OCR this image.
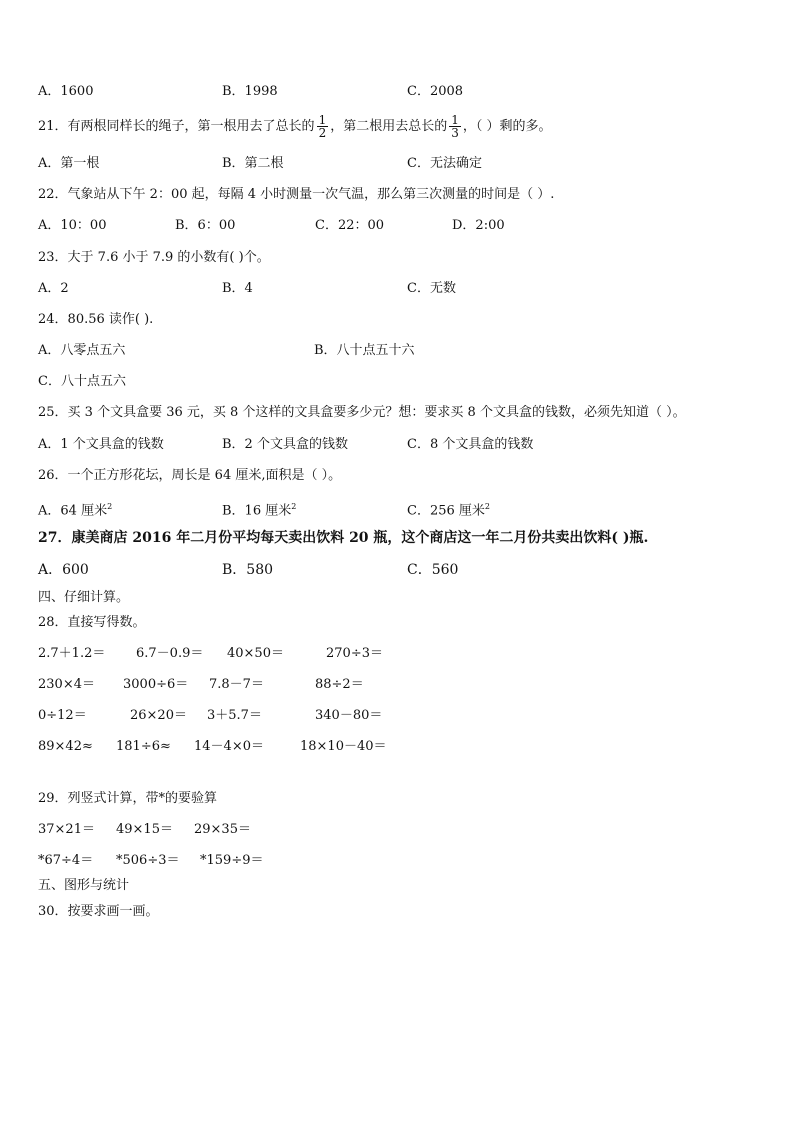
A．1600	B．1998	C．2008
21．有两根同样长的绳子，第一根用去了总长的 $\frac{1}{2}$ ，第二根用去总长的 $\frac{1}{3}$ ，（ ）剩的多。
A．第一根	B．第二根	C．无法确定
22．气象站从下午 2：00 起，每隔 4 小时测量一次气温，那么第三次测量的时间是（ ）.
A．10：00	B．6：00	C．22：00	D．2:00
23．大于 7.6 小于 7.9 的小数有( )个。
A．2	B．4	C．无数
24．80.56 读作( ).
A．八零点五六	B．八十点五十六
C．八十点五六
25．买 3 个文具盒要 36 元，买 8 个这样的文具盒要多少元？想：要求买 8 个文具盒的钱数，必须先知道（ ）。
A．1 个文具盒的钱数	B．2 个文具盒的钱数	C．8 个文具盒的钱数
26．一个正方形花坛，周长是 64 厘米,面积是（ ）。
A．64 厘米$^2$	B．16 厘米$^2$	C．256 厘米$^2$
27．康美商店 2016 年二月份平均每天卖出饮料 20 瓶，这个商店这一年二月份共卖出饮料( )瓶.
A．600	B．580	C．560
四、仔细计算。
28．直接写得数。
2.7＋1.2＝ 6.7－0.9＝ 40×50＝	270÷3＝
230×4＝ 3000÷6＝ 7.8－7＝	88÷2＝
0÷12＝	26×20＝ 3＋5.7＝	340－80＝
89×42≈ 181÷6≈ 14－4×0＝	18×10－40＝
29．列竖式计算，带*的要验算
37×21＝ 49×15＝ 29×35＝
*67÷4＝ *506÷3＝ *159÷9＝
五、图形与统计
30．按要求画一画。
